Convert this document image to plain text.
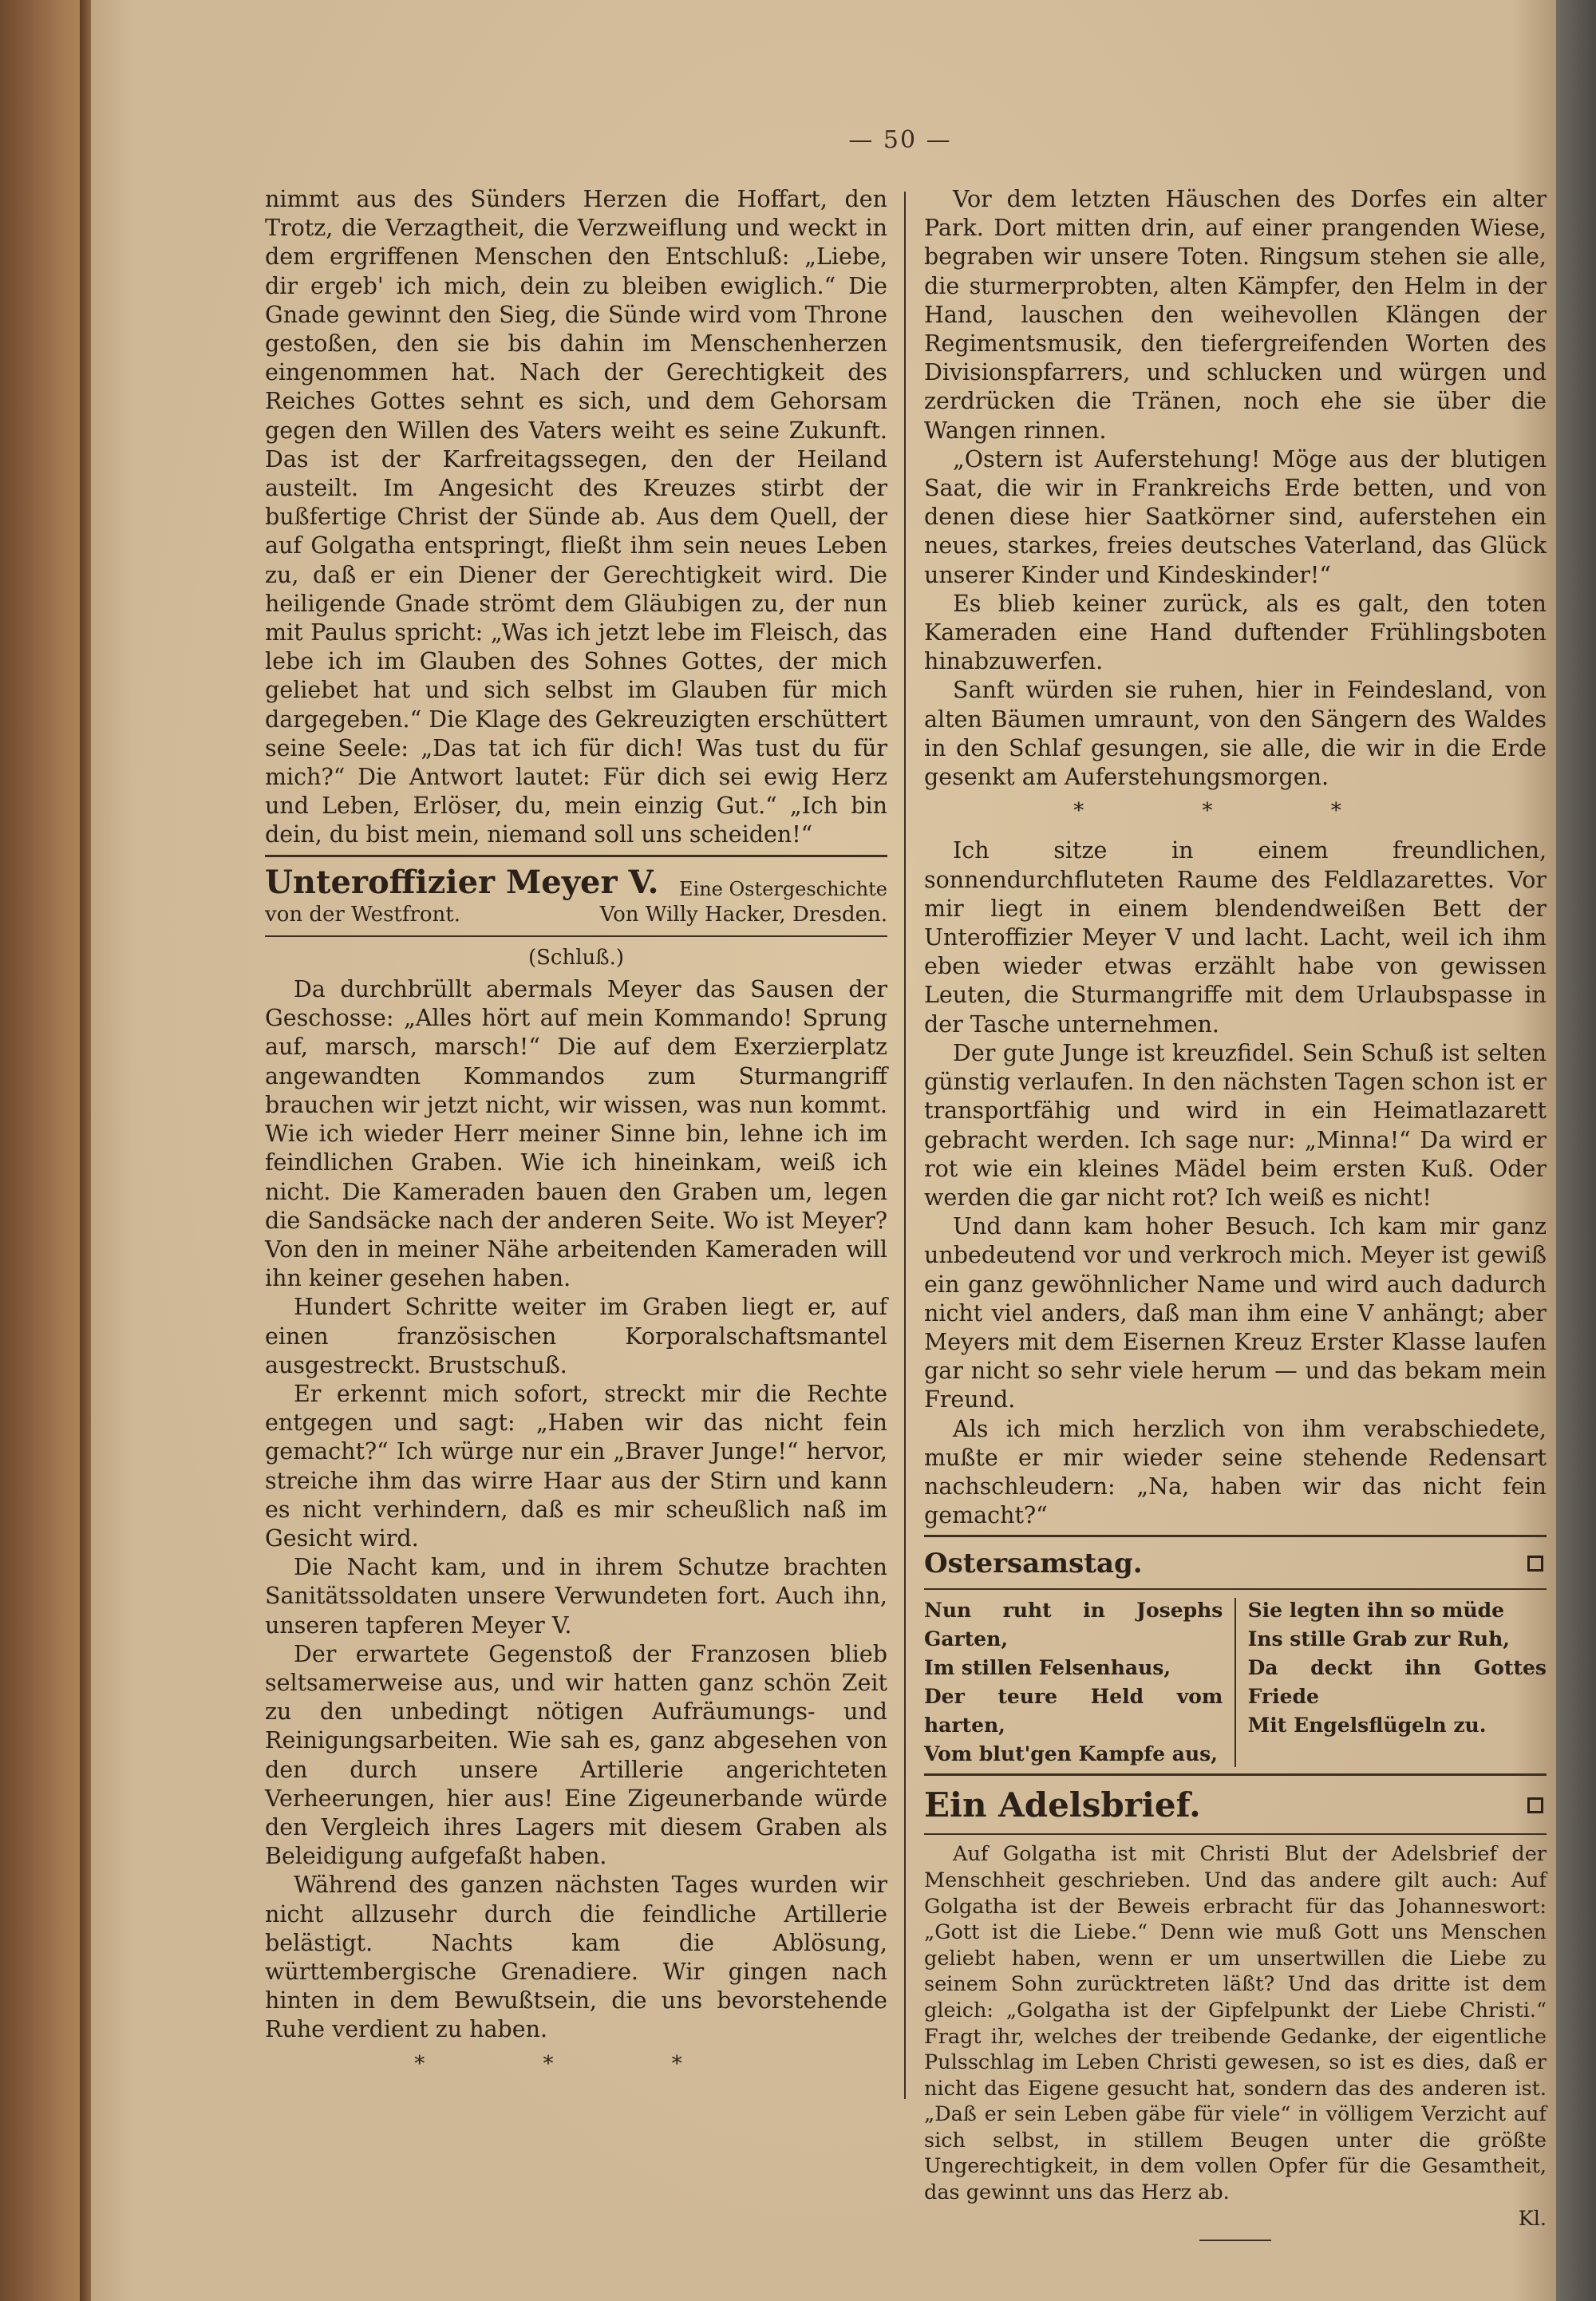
— 50 —

nimmt aus des Sünders Herzen die Hoffart, den Trotz, die Verzagtheit, die Verzweiflung und weckt in dem ergriffenen Menschen den Entschluß: „Liebe, dir ergeb' ich mich, dein zu bleiben ewiglich.“ Die Gnade gewinnt den Sieg, die Sünde wird vom Throne gestoßen, den sie bis dahin im Menschenherzen eingenommen hat. Nach der Gerechtigkeit des Reiches Gottes sehnt es sich, und dem Gehorsam gegen den Willen des Vaters weiht es seine Zukunft. Das ist der Karfreitagssegen, den der Heiland austeilt. Im Angesicht des Kreuzes stirbt der bußfertige Christ der Sünde ab. Aus dem Quell, der auf Golgatha entspringt, fließt ihm sein neues Leben zu, daß er ein Diener der Gerechtigkeit wird. Die heiligende Gnade strömt dem Gläubigen zu, der nun mit Paulus spricht: „Was ich jetzt lebe im Fleisch, das lebe ich im Glauben des Sohnes Gottes, der mich geliebet hat und sich selbst im Glauben für mich dargegeben.“ Die Klage des Gekreuzigten erschüttert seine Seele: „Das tat ich für dich! Was tust du für mich?“ Die Antwort lautet: Für dich sei ewig Herz und Leben, Erlöser, du, mein einzig Gut.“ „Ich bin dein, du bist mein, niemand soll uns scheiden!“

Unteroffizier Meyer V. Eine Ostergeschichte
von der Westfront.	Von Willy Hacker, Dresden.
(Schluß.)

Da durchbrüllt abermals Meyer das Sausen der Geschosse: „Alles hört auf mein Kommando! Sprung auf, marsch, marsch!“ Die auf dem Exerzierplatz angewandten Kommandos zum Sturmangriff brauchen wir jetzt nicht, wir wissen, was nun kommt. Wie ich wieder Herr meiner Sinne bin, lehne ich im feindlichen Graben. Wie ich hineinkam, weiß ich nicht. Die Kameraden bauen den Graben um, legen die Sandsäcke nach der anderen Seite. Wo ist Meyer? Von den in meiner Nähe arbeitenden Kameraden will ihn keiner gesehen haben.

Hundert Schritte weiter im Graben liegt er, auf einen französischen Korporalschaftsmantel ausgestreckt. Brustschuß.

Er erkennt mich sofort, streckt mir die Rechte entgegen und sagt: „Haben wir das nicht fein gemacht?“ Ich würge nur ein „Braver Junge!“ hervor, streiche ihm das wirre Haar aus der Stirn und kann es nicht verhindern, daß es mir scheußlich naß im Gesicht wird.

Die Nacht kam, und in ihrem Schutze brachten Sanitätssoldaten unsere Verwundeten fort. Auch ihn, unseren tapferen Meyer V.

Der erwartete Gegenstoß der Franzosen blieb seltsamerweise aus, und wir hatten ganz schön Zeit zu den unbedingt nötigen Aufräumungs- und Reinigungsarbeiten. Wie sah es, ganz abgesehen von den durch unsere Artillerie angerichteten Verheerungen, hier aus! Eine Zigeunerbande würde den Vergleich ihres Lagers mit diesem Graben als Beleidigung aufgefaßt haben.

Während des ganzen nächsten Tages wurden wir nicht allzusehr durch die feindliche Artillerie belästigt. Nachts kam die Ablösung, württembergische Grenadiere. Wir gingen nach hinten in dem Bewußtsein, die uns bevorstehende Ruhe verdient zu haben.

* * *

Vor dem letzten Häuschen des Dorfes ein alter Park. Dort mitten drin, auf einer prangenden Wiese, begraben wir unsere Toten. Ringsum stehen sie alle, die sturmerprobten, alten Kämpfer, den Helm in der Hand, lauschen den weihevollen Klängen der Regimentsmusik, den tiefergreifenden Worten des Divisionspfarrers, und schlucken und würgen und zerdrücken die Tränen, noch ehe sie über die Wangen rinnen.

„Ostern ist Auferstehung! Möge aus der blutigen Saat, die wir in Frankreichs Erde betten, und von denen diese hier Saatkörner sind, auferstehen ein neues, starkes, freies deutsches Vaterland, das Glück unserer Kinder und Kindeskinder!“

Es blieb keiner zurück, als es galt, den toten Kameraden eine Hand duftender Frühlingsboten hinabzuwerfen.

Sanft würden sie ruhen, hier in Feindesland, von alten Bäumen umraunt, von den Sängern des Waldes in den Schlaf gesungen, sie alle, die wir in die Erde gesenkt am Auferstehungsmorgen.

* * *

Ich sitze in einem freundlichen, sonnendurchfluteten Raume des Feldlazarettes. Vor mir liegt in einem blendendweißen Bett der Unteroffizier Meyer V und lacht. Lacht, weil ich ihm eben wieder etwas erzählt habe von gewissen Leuten, die Sturmangriffe mit dem Urlaubspasse in der Tasche unternehmen.

Der gute Junge ist kreuzfidel. Sein Schuß ist selten günstig verlaufen. In den nächsten Tagen schon ist er transportfähig und wird in ein Heimatlazarett gebracht werden. Ich sage nur: „Minna!“ Da wird er rot wie ein kleines Mädel beim ersten Kuß. Oder werden die gar nicht rot? Ich weiß es nicht!

Und dann kam hoher Besuch. Ich kam mir ganz unbedeutend vor und verkroch mich. Meyer ist gewiß ein ganz gewöhnlicher Name und wird auch dadurch nicht viel anders, daß man ihm eine V anhängt; aber Meyers mit dem Eisernen Kreuz Erster Klasse laufen gar nicht so sehr viele herum — und das bekam mein Freund.

Als ich mich herzlich von ihm verabschiedete, mußte er mir wieder seine stehende Redensart nachschleudern: „Na, haben wir das nicht fein gemacht?“

Ostersamstag.
Nun ruht in Josephs Garten,
Im stillen Felsenhaus,
Der teure Held vom harten,
Vom blut'gen Kampfe aus,
Sie legten ihn so müde
Ins stille Grab zur Ruh,
Da deckt ihn Gottes Friede
Mit Engelsflügeln zu.
Ein Adelsbrief.

Auf Golgatha ist mit Christi Blut der Adelsbrief der Menschheit geschrieben. Und das andere gilt auch: Auf Golgatha ist der Beweis erbracht für das Johanneswort: „Gott ist die Liebe.“ Denn wie muß Gott uns Menschen geliebt haben, wenn er um unsertwillen die Liebe zu seinem Sohn zurücktreten läßt? Und das dritte ist dem gleich: „Golgatha ist der Gipfelpunkt der Liebe Christi.“ Fragt ihr, welches der treibende Gedanke, der eigentliche Pulsschlag im Leben Christi gewesen, so ist es dies, daß er nicht das Eigene gesucht hat, sondern das des anderen ist. „Daß er sein Leben gäbe für viele“ in völligem Verzicht auf sich selbst, in stillem Beugen unter die größte Ungerechtigkeit, in dem vollen Opfer für die Gesamtheit, das gewinnt uns das Herz ab.

Kl.
